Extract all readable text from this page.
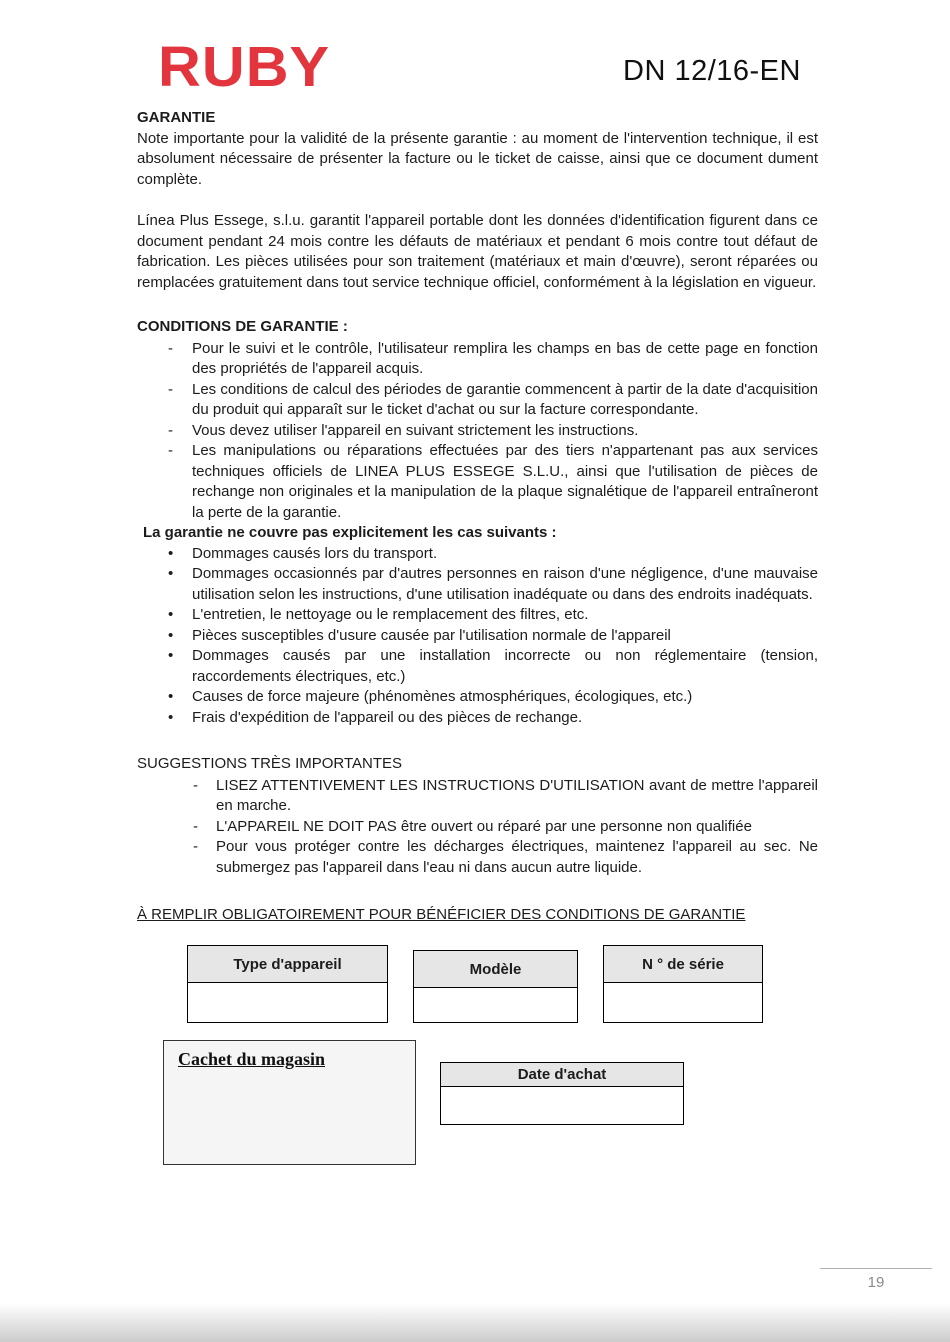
RUBY	DN 12/16-EN
GARANTIE

Note importante pour la validité de la présente garantie : au moment de l'intervention technique, il est absolument nécessaire de présenter la facture ou le ticket de caisse, ainsi que ce document dument complète.

Línea Plus Essege, s.l.u. garantit l'appareil portable dont les données d'identification figurent dans ce document pendant 24 mois contre les défauts de matériaux et pendant 6 mois contre tout défaut de fabrication. Les pièces utilisées pour son traitement (matériaux et main d'œuvre), seront réparées ou remplacées gratuitement dans tout service technique officiel, conformément à la législation en vigueur.

CONDITIONS DE GARANTIE :
-
Pour le suivi et le contrôle, l'utilisateur remplira les champs en bas de cette page en fonction des propriétés de l'appareil acquis.
-
Les conditions de calcul des périodes de garantie commencent à partir de la date d'acquisition du produit qui apparaît sur le ticket d'achat ou sur la facture correspondante.
-
Vous devez utiliser l'appareil en suivant strictement les instructions.
-
Les manipulations ou réparations effectuées par des tiers n'appartenant pas aux services techniques officiels de LINEA PLUS ESSEGE S.L.U., ainsi que l'utilisation de pièces de rechange non originales et la manipulation de la plaque signalétique de l'appareil entraîneront la perte de la garantie.
La garantie ne couvre pas explicitement les cas suivants :
•
Dommages causés lors du transport.
•
Dommages occasionnés par d'autres personnes en raison d'une négligence, d'une mauvaise utilisation selon les instructions, d'une utilisation inadéquate ou dans des endroits inadéquats.
•
L'entretien, le nettoyage ou le remplacement des filtres, etc.
•
Pièces susceptibles d'usure causée par l'utilisation normale de l'appareil
•
Dommages causés par une installation incorrecte ou non réglementaire (tension, raccordements électriques, etc.)
•
Causes de force majeure (phénomènes atmosphériques, écologiques, etc.)
•
Frais d'expédition de l'appareil ou des pièces de rechange.
SUGGESTIONS TRÈS IMPORTANTES
-
LISEZ ATTENTIVEMENT LES INSTRUCTIONS D'UTILISATION avant de mettre l'appareil en marche.
-
L'APPAREIL NE DOIT PAS être ouvert ou réparé par une personne non qualifiée
-
Pour vous protéger contre les décharges électriques, maintenez l'appareil au sec. Ne submergez pas l'appareil dans l'eau ni dans aucun autre liquide.
À REMPLIR OBLIGATOIREMENT POUR BÉNÉFICIER DES CONDITIONS DE GARANTIE
Type d'appareil	Modèle	N ° de série
Cachet du magasin
Date d'achat
19
